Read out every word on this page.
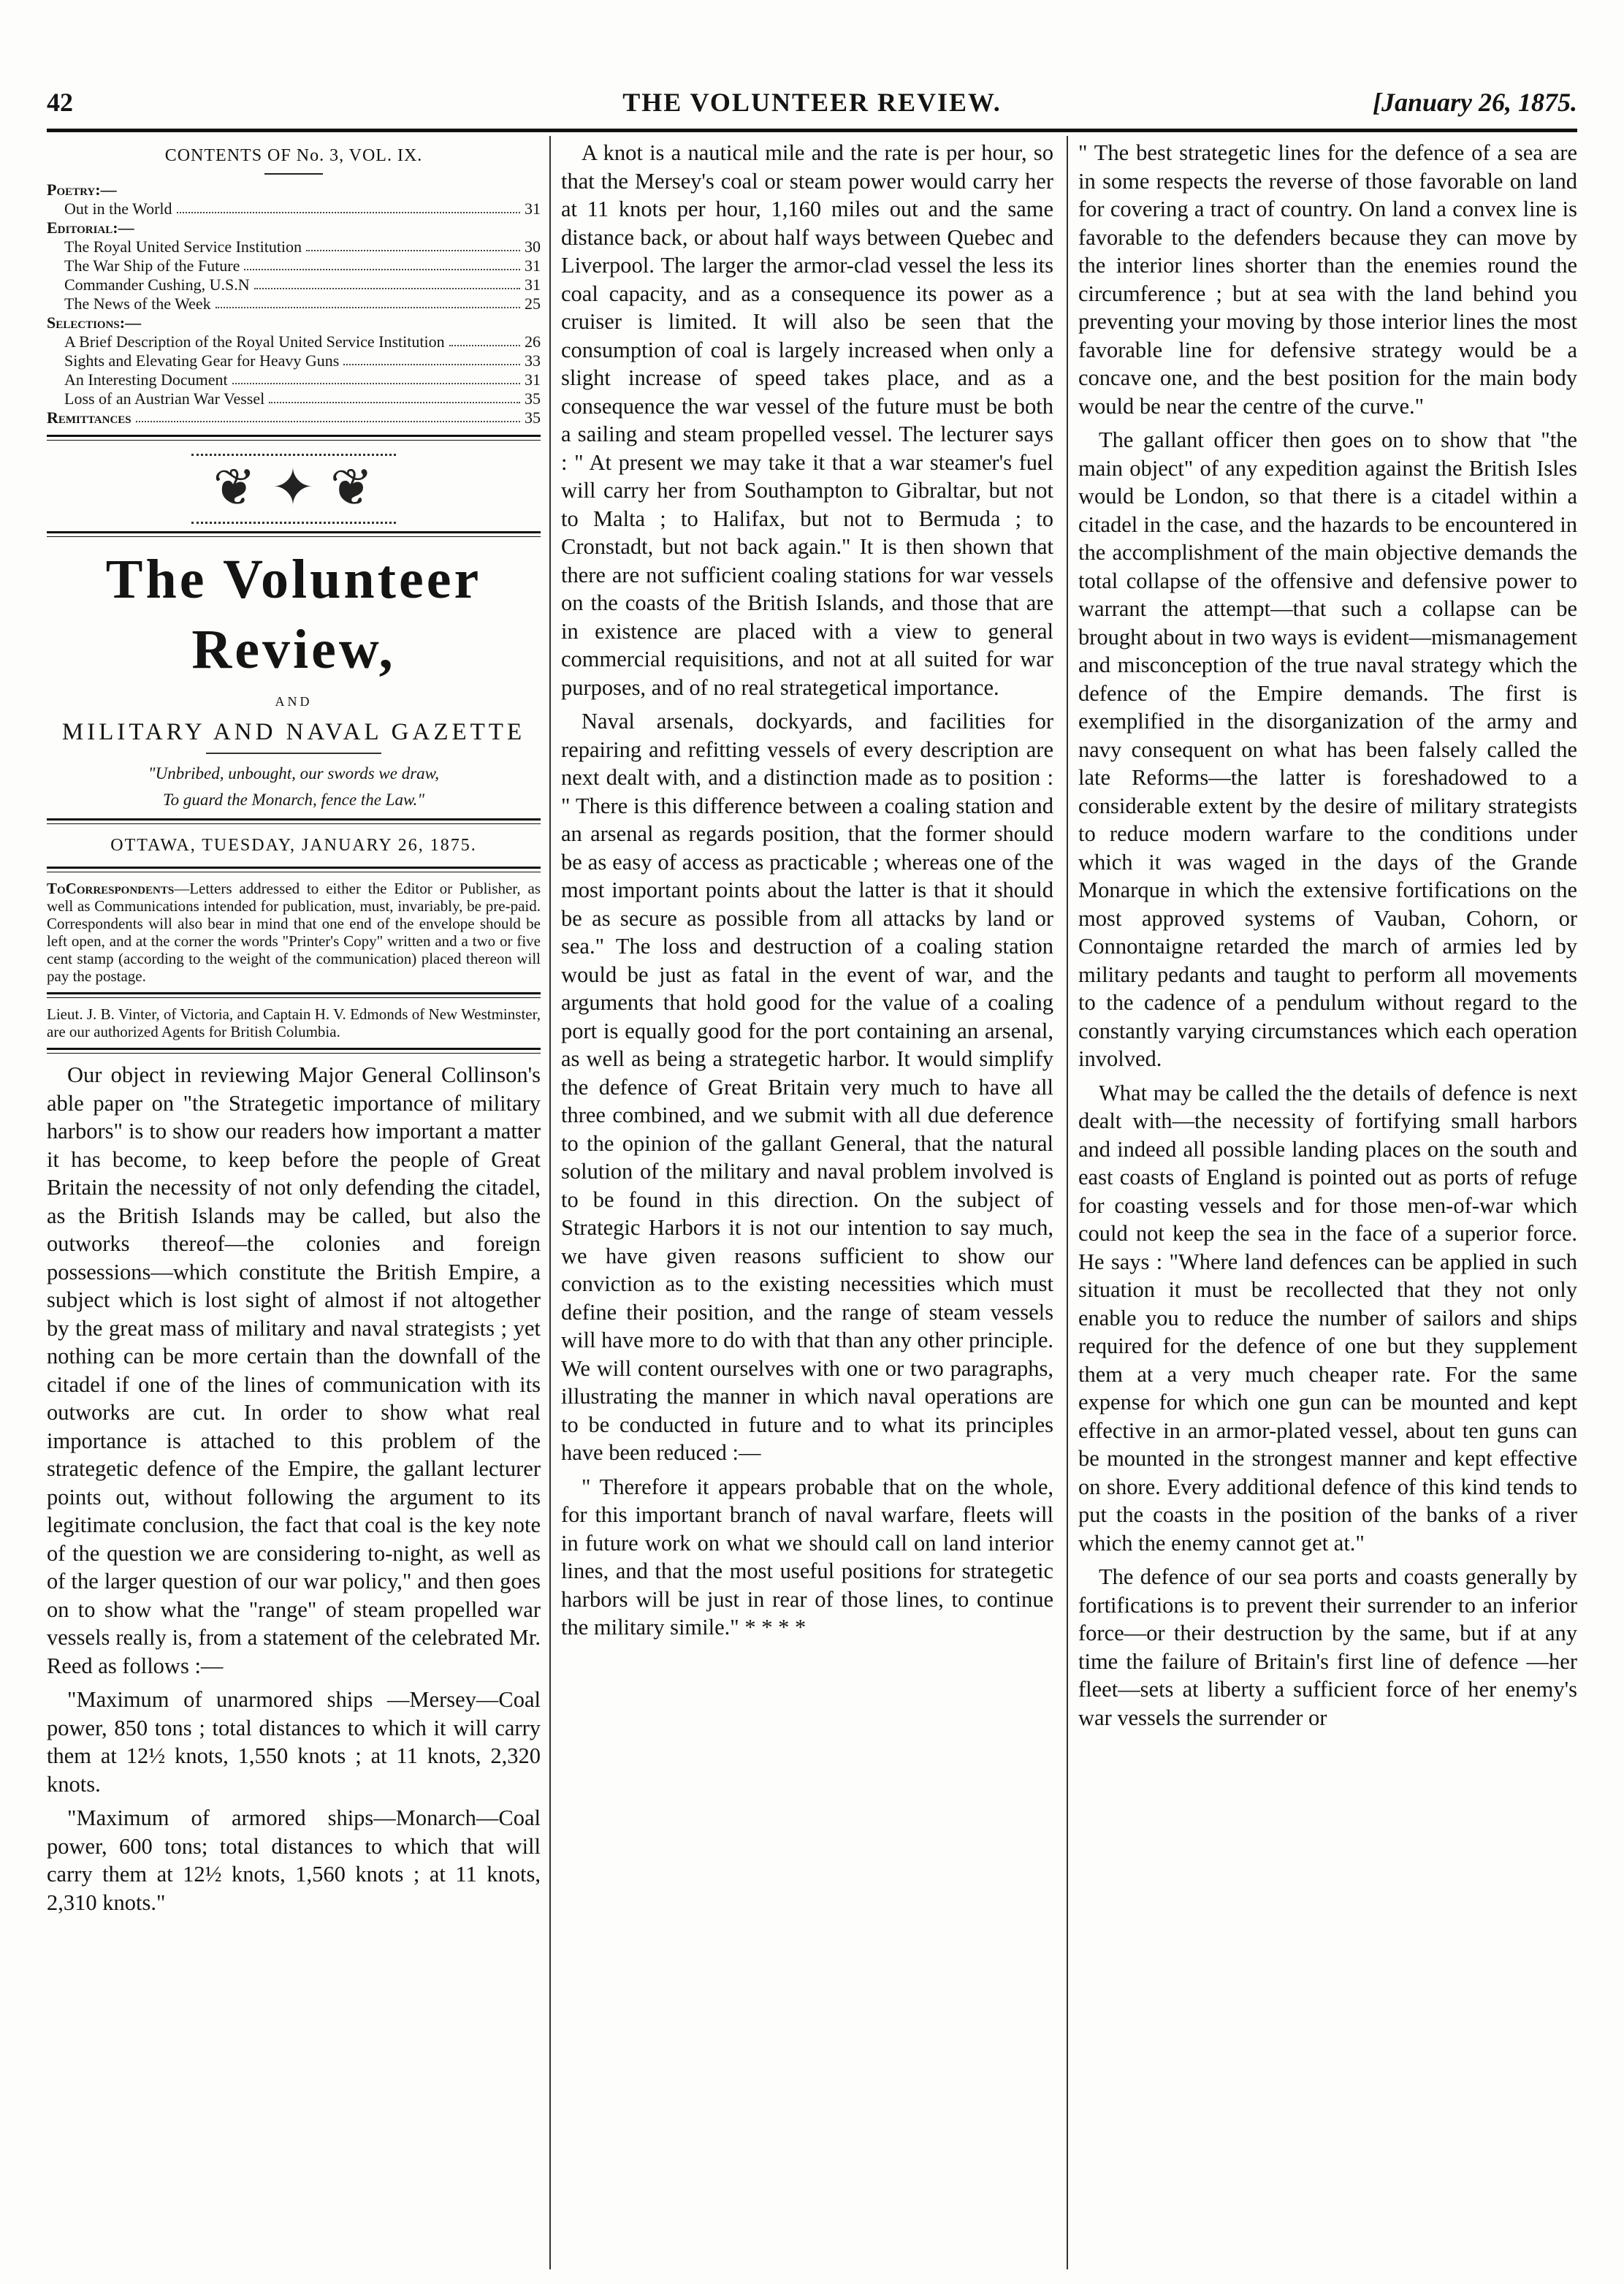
42	THE VOLUNTEER REVIEW.	[January 26, 1875.
CONTENTS OF No. 3, VOL. IX.
Poetry:—
Out in the World	31
Editorial:—
The Royal United Service Institution	30
The War Ship of the Future	31
Commander Cushing, U.S.N	31
The News of the Week	25
Selections:—
A Brief Description of the Royal United Service Institution	26
Sights and Elevating Gear for Heavy Guns	33
An Interesting Document	31
Loss of an Austrian War Vessel	35
Remittances	35
❦ ✦ ❦
The Volunteer Review,
AND
MILITARY AND NAVAL GAZETTE
"Unbribed, unbought, our swords we draw,
To guard the Monarch, fence the Law."
OTTAWA, TUESDAY, JANUARY 26, 1875.

ToCorrespondents—Letters addressed to either the Editor or Publisher, as well as Communications intended for publication, must, invariably, be pre-paid. Correspondents will also bear in mind that one end of the envelope should be left open, and at the corner the words "Printer's Copy" written and a two or five cent stamp (according to the weight of the communication) placed thereon will pay the postage.

Lieut. J. B. Vinter, of Victoria, and Captain H. V. Edmonds of New Westminster, are our authorized Agents for British Columbia.

Our object in reviewing Major General Collinson's able paper on "the Strategetic importance of military harbors" is to show our readers how important a matter it has become, to keep before the people of Great Britain the necessity of not only defending the citadel, as the British Islands may be called, but also the outworks thereof—the colonies and foreign possessions—which constitute the British Empire, a subject which is lost sight of almost if not altogether by the great mass of military and naval strategists ; yet nothing can be more certain than the downfall of the citadel if one of the lines of communication with its outworks are cut. In order to show what real importance is attached to this problem of the strategetic defence of the Empire, the gallant lecturer points out, without following the argument to its legitimate conclusion, the fact that coal is the key note of the question we are considering to-night, as well as of the larger question of our war policy," and then goes on to show what the "range" of steam propelled war vessels really is, from a statement of the celebrated Mr. Reed as follows :—

"Maximum of unarmored ships —Mersey—Coal power, 850 tons ; total distances to which it will carry them at 12½ knots, 1,550 knots ; at 11 knots, 2,320 knots.

"Maximum of armored ships—Monarch—Coal power, 600 tons; total distances to which that will carry them at 12½ knots, 1,560 knots ; at 11 knots, 2,310 knots."

A knot is a nautical mile and the rate is per hour, so that the Mersey's coal or steam power would carry her at 11 knots per hour, 1,160 miles out and the same distance back, or about half ways between Quebec and Liverpool. The larger the armor-clad vessel the less its coal capacity, and as a consequence its power as a cruiser is limited. It will also be seen that the consumption of coal is largely increased when only a slight increase of speed takes place, and as a consequence the war vessel of the future must be both a sailing and steam propelled vessel. The lecturer says : " At present we may take it that a war steamer's fuel will carry her from Southampton to Gibraltar, but not to Malta ; to Halifax, but not to Bermuda ; to Cronstadt, but not back again." It is then shown that there are not sufficient coaling stations for war vessels on the coasts of the British Islands, and those that are in existence are placed with a view to general commercial requisitions, and not at all suited for war purposes, and of no real strategetical importance.

Naval arsenals, dockyards, and facilities for repairing and refitting vessels of every description are next dealt with, and a distinction made as to position : " There is this difference between a coaling station and an arsenal as regards position, that the former should be as easy of access as practicable ; whereas one of the most important points about the latter is that it should be as secure as possible from all attacks by land or sea." The loss and destruction of a coaling station would be just as fatal in the event of war, and the arguments that hold good for the value of a coaling port is equally good for the port containing an arsenal, as well as being a strategetic harbor. It would simplify the defence of Great Britain very much to have all three combined, and we submit with all due deference to the opinion of the gallant General, that the natural solution of the military and naval problem involved is to be found in this direction. On the subject of Strategic Harbors it is not our intention to say much, we have given reasons sufficient to show our conviction as to the existing necessities which must define their position, and the range of steam vessels will have more to do with that than any other principle. We will content ourselves with one or two paragraphs, illustrating the manner in which naval operations are to be conducted in future and to what its principles have been reduced :—

" Therefore it appears probable that on the whole, for this important branch of naval warfare, fleets will in future work on what we should call on land interior lines, and that the most useful positions for strategetic harbors will be just in rear of those lines, to continue the military simile." * * * *

" The best strategetic lines for the defence of a sea are in some respects the reverse of those favorable on land for covering a tract of country. On land a convex line is favorable to the defenders because they can move by the interior lines shorter than the enemies round the circumference ; but at sea with the land behind you preventing your moving by those interior lines the most favorable line for defensive strategy would be a concave one, and the best position for the main body would be near the centre of the curve."

The gallant officer then goes on to show that "the main object" of any expedition against the British Isles would be London, so that there is a citadel within a citadel in the case, and the hazards to be encountered in the accomplishment of the main objective demands the total collapse of the offensive and defensive power to warrant the attempt—that such a collapse can be brought about in two ways is evident—mismanagement and misconception of the true naval strategy which the defence of the Empire demands. The first is exemplified in the disorganization of the army and navy consequent on what has been falsely called the late Reforms—the latter is foreshadowed to a considerable extent by the desire of military strategists to reduce modern warfare to the conditions under which it was waged in the days of the Grande Monarque in which the extensive fortifications on the most approved systems of Vauban, Cohorn, or Connontaigne retarded the march of armies led by military pedants and taught to perform all movements to the cadence of a pendulum without regard to the constantly varying circumstances which each operation involved.

What may be called the the details of defence is next dealt with—the necessity of fortifying small harbors and indeed all possible landing places on the south and east coasts of England is pointed out as ports of refuge for coasting vessels and for those men-of-war which could not keep the sea in the face of a superior force. He says : "Where land defences can be applied in such situation it must be recollected that they not only enable you to reduce the number of sailors and ships required for the defence of one but they supplement them at a very much cheaper rate. For the same expense for which one gun can be mounted and kept effective in an armor-plated vessel, about ten guns can be mounted in the strongest manner and kept effective on shore. Every additional defence of this kind tends to put the coasts in the position of the banks of a river which the enemy cannot get at."

The defence of our sea ports and coasts generally by fortifications is to prevent their surrender to an inferior force—or their destruction by the same, but if at any time the failure of Britain's first line of defence —her fleet—sets at liberty a sufficient force of her enemy's war vessels the surrender or
